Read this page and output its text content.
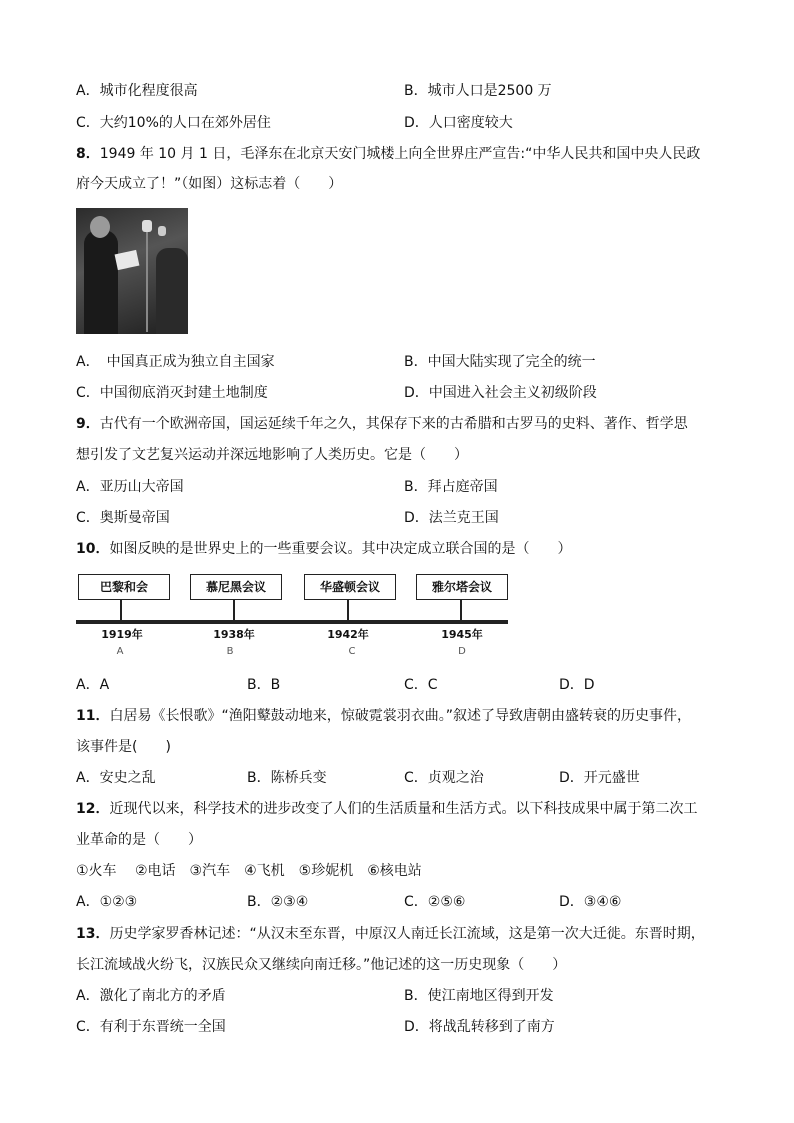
A．城市化程度很高	B．城市人口是2500 万
C．大约10%的人口在郊外居住	D．人口密度较大
8．1949 年 10 月 1 日，毛泽东在北京天安门城楼上向全世界庄严宣告:“中华人民共和国中央人民政
府今天成立了！”（如图）这标志着（　　）
A．　中国真正成为独立自主国家	B．中国大陆实现了完全的统一
C．中国彻底消灭封建土地制度	D．中国进入社会主义初级阶段
9．古代有一个欧洲帝国，国运延续千年之久，其保存下来的古希腊和古罗马的史料、著作、哲学思
想引发了文艺复兴运动并深远地影响了人类历史。它是（　　）
A．亚历山大帝国	B．拜占庭帝国
C．奥斯曼帝国	D．法兰克王国
10．如图反映的是世界史上的一些重要会议。其中决定成立联合国的是（　　）
巴黎和会	慕尼黑会议	华盛顿会议	雅尔塔会议
1919年	1938年	1942年	1945年
A	B	C	D
A．A	B．B	C．C	D．D
11．白居易《长恨歌》“渔阳鼙鼓动地来，惊破霓裳羽衣曲。”叙述了导致唐朝由盛转衰的历史事件，
该事件是(　　)
A．安史之乱	B．陈桥兵变	C．贞观之治	D．开元盛世
12．近现代以来，科学技术的进步改变了人们的生活质量和生活方式。以下科技成果中属于第二次工
业革命的是（　　）
①火车　 ②电话　③汽车　④飞机　⑤珍妮机　⑥核电站
A．①②③	B．②③④	C．②⑤⑥	D．③④⑥
13．历史学家罗香林记述：“从汉末至东晋，中原汉人南迁长江流域，这是第一次大迁徙。东晋时期，
长江流域战火纷飞，汉族民众又继续向南迁移。”他记述的这一历史现象（　　）
A．激化了南北方的矛盾	B．使江南地区得到开发
C．有利于东晋统一全国	D．将战乱转移到了南方
